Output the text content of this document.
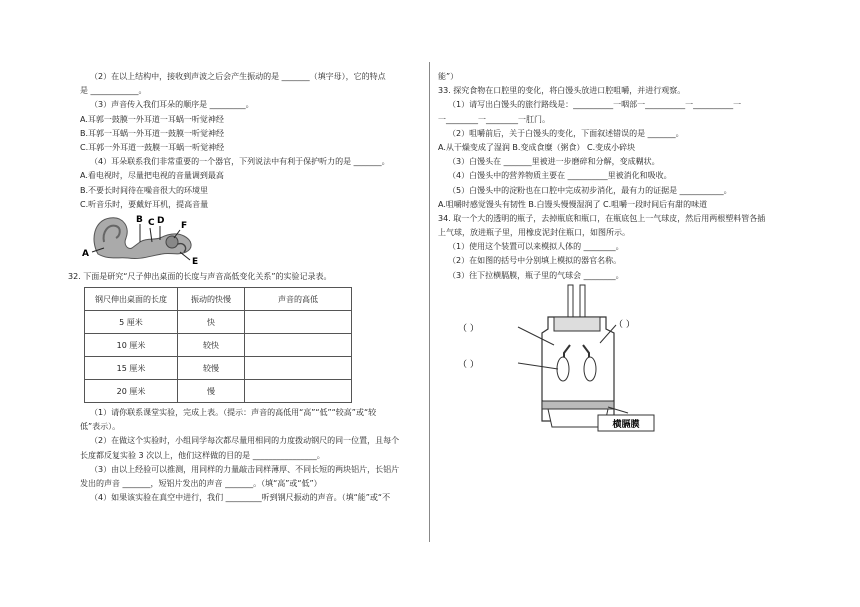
（2）在以上结构中，接收到声波之后会产生振动的是 _______（填字母），它的特点
是 ____________。
（3）声音传入我们耳朵的顺序是 _________。
A.耳郭一鼓膜一外耳道一耳蜗一听觉神经
B.耳郭一耳蜗一外耳道一鼓膜一听觉神经
C.耳郭一外耳道一鼓膜一耳蜗一听觉神经
（4）耳朵联系我们非常重要的一个器官，下列说法中有利于保护听力的是 _______。
A.看电视时，尽量把电视的音量调到最高
B.不要长时间待在噪音很大的环境里
C.听音乐时，要戴好耳机，提高音量
A
B C D
E
F
32. 下面是研究“尺子伸出桌面的长度与声音高低变化关系”的实验记录表。
钢尺伸出桌面的长度	振动的快慢	声音的高低
5 厘米	快	
10 厘米	较快	
15 厘米	较慢	
20 厘米	慢	
（1）请你联系课堂实验，完成上表。（提示：声音的高低用“高”“低”“较高”或“较
低”表示）。
（2）在做这个实验时，小组同学每次都尽量用相同的力度拨动钢尺的同一位置，且每个
长度都反复实验 3 次以上，他们这样做的目的是 ________________。
（3）由以上经验可以推测，用同样的力量敲击同样薄厚、不同长短的两块铝片，长铝片
发出的声音 _______，短铝片发出的声音 _______。（填“高”或“低”）
（4）如果该实验在真空中进行，我们 _________听到钢尺振动的声音。（填“能”或“不
能”）
33. 探究食物在口腔里的变化，将白馒头放进口腔咀嚼，并进行观察。
（1）请写出白馒头的旅行路线是：__________一咽部一__________一__________一
一________一________一肛门。
（2）咀嚼前后，关于白馒头的变化，下面叙述错误的是 _______。
A.从干燥变成了湿润 B.变成食糜（粥食） C.变成小碎块
（3）白馒头在 _______里被进一步磨碎和分解，变成糊状。
（4）白馒头中的营养物质主要在 __________里被消化和吸收。
（5）白馒头中的淀粉也在口腔中完成初步消化，最有力的证据是 ___________。
A.咀嚼时感觉馒头有韧性 B.白馒头慢慢湿润了 C.咀嚼一段时间后有甜的味道
34. 取一个大的透明的瓶子，去掉瓶底和瓶口，在瓶底包上一气球皮，然后用两根塑料管各插
上气球，放进瓶子里，用橡皮泥封住瓶口，如图所示。
（1）使用这个装置可以来模拟人体的 ________。
（2）在如图的括号中分别填上模拟的器官名称。
（3）往下拉横膈膜，瓶子里的气球会 ________。
横膈膜
（ ）
（ ）
（ ）
